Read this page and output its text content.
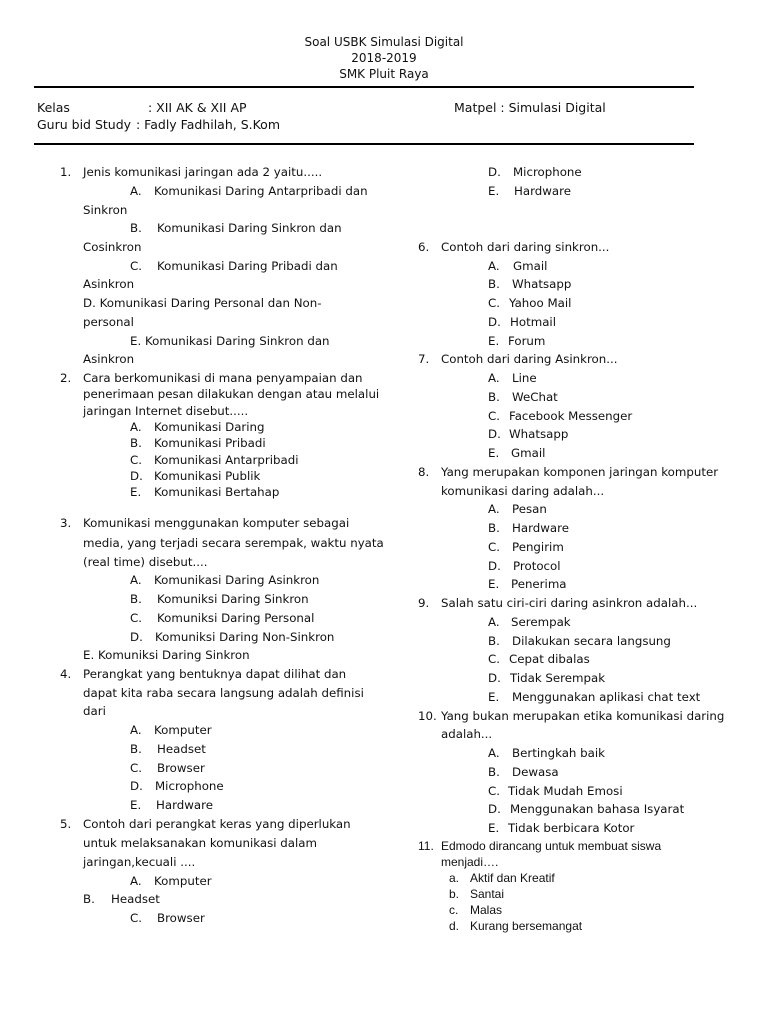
Soal USBK Simulasi Digital
2018-2019
SMK Pluit Raya
Kelas	: XII AK & XII AP
Guru bid Study : Fadly Fadhilah, S.Kom
Matpel : Simulasi Digital
1. Jenis komunikasi jaringan ada 2 yaitu.....
A. Komunikasi Daring Antarpribadi dan
Sinkron
B. Komunikasi Daring Sinkron dan
Cosinkron
C. Komunikasi Daring Pribadi dan
Asinkron
D. Komunikasi Daring Personal dan Non-
personal
E. Komunikasi Daring Sinkron dan
Asinkron
2. Cara berkomunikasi di mana penyampaian dan
penerimaan pesan dilakukan dengan atau melalui
jaringan Internet disebut.....
A. Komunikasi Daring
B. Komunikasi Pribadi
C. Komunikasi Antarpribadi
D. Komunikasi Publik
E. Komunikasi Bertahap
3. Komunikasi menggunakan komputer sebagai
media, yang terjadi secara serempak, waktu nyata
(real time) disebut....
A. Komunikasi Daring Asinkron
B. Komuniksi Daring Sinkron
C. Komuniksi Daring Personal
D. Komuniksi Daring Non-Sinkron
E. Komuniksi Daring Sinkron
4. Perangkat yang bentuknya dapat dilihat dan
dapat kita raba secara langsung adalah definisi
dari
A. Komputer
B. Headset
C. Browser
D. Microphone
E. Hardware
5. Contoh dari perangkat keras yang diperlukan
untuk melaksanakan komunikasi dalam
jaringan,kecuali ....
A. Komputer
B. Headset
C. Browser
D. Microphone
E. Hardware
6. Contoh dari daring sinkron...
A. Gmail
B. Whatsapp
C. Yahoo Mail
D. Hotmail
E. Forum
7. Contoh dari daring Asinkron...
A. Line
B. WeChat
C. Facebook Messenger
D. Whatsapp
E. Gmail
8. Yang merupakan komponen jaringan komputer
komunikasi daring adalah...
A. Pesan
B. Hardware
C. Pengirim
D. Protocol
E. Penerima
9. Salah satu ciri-ciri daring asinkron adalah...
A. Serempak
B. Dilakukan secara langsung
C. Cepat dibalas
D. Tidak Serempak
E. Menggunakan aplikasi chat text
10. Yang bukan merupakan etika komunikasi daring
adalah...
A. Bertingkah baik
B. Dewasa
C. Tidak Mudah Emosi
D. Menggunakan bahasa Isyarat
E. Tidak berbicara Kotor
11. Edmodo dirancang untuk membuat siswa
menjadi….
a. Aktif dan Kreatif
b. Santai
c. Malas
d. Kurang bersemangat
